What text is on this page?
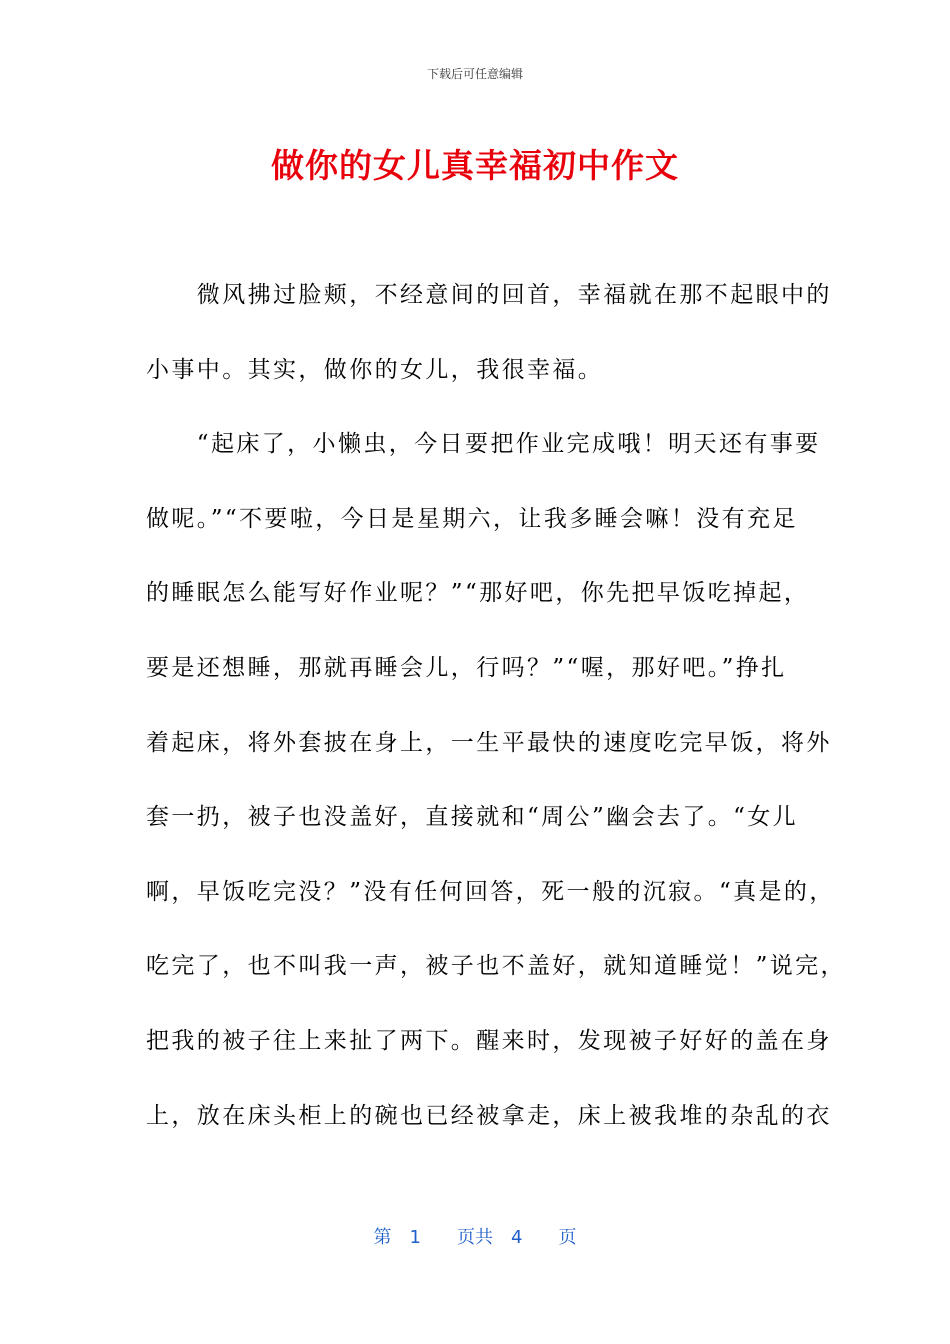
下载后可任意编辑
做你的女儿真幸福初中作文
　　微风拂过脸颊，不经意间的回首，幸福就在那不起眼中的
小事中。其实，做你的女儿，我很幸福。
　　“起床了，小懒虫，今日要把作业完成哦！明天还有事要
做呢。”“不要啦，今日是星期六，让我多睡会嘛！没有充足
的睡眠怎么能写好作业呢？”“那好吧，你先把早饭吃掉起，
要是还想睡，那就再睡会儿，行吗？”“喔，那好吧。”挣扎
着起床，将外套披在身上，一生平最快的速度吃完早饭，将外
套一扔，被子也没盖好，直接就和“周公”幽会去了。“女儿
啊，早饭吃完没？”没有任何回答，死一般的沉寂。“真是的，
吃完了，也不叫我一声，被子也不盖好，就知道睡觉！”说完，
把我的被子往上来扯了两下。醒来时，发现被子好好的盖在身
上，放在床头柜上的碗也已经被拿走，床上被我堆的杂乱的衣
第　1　　页共　4　　页
